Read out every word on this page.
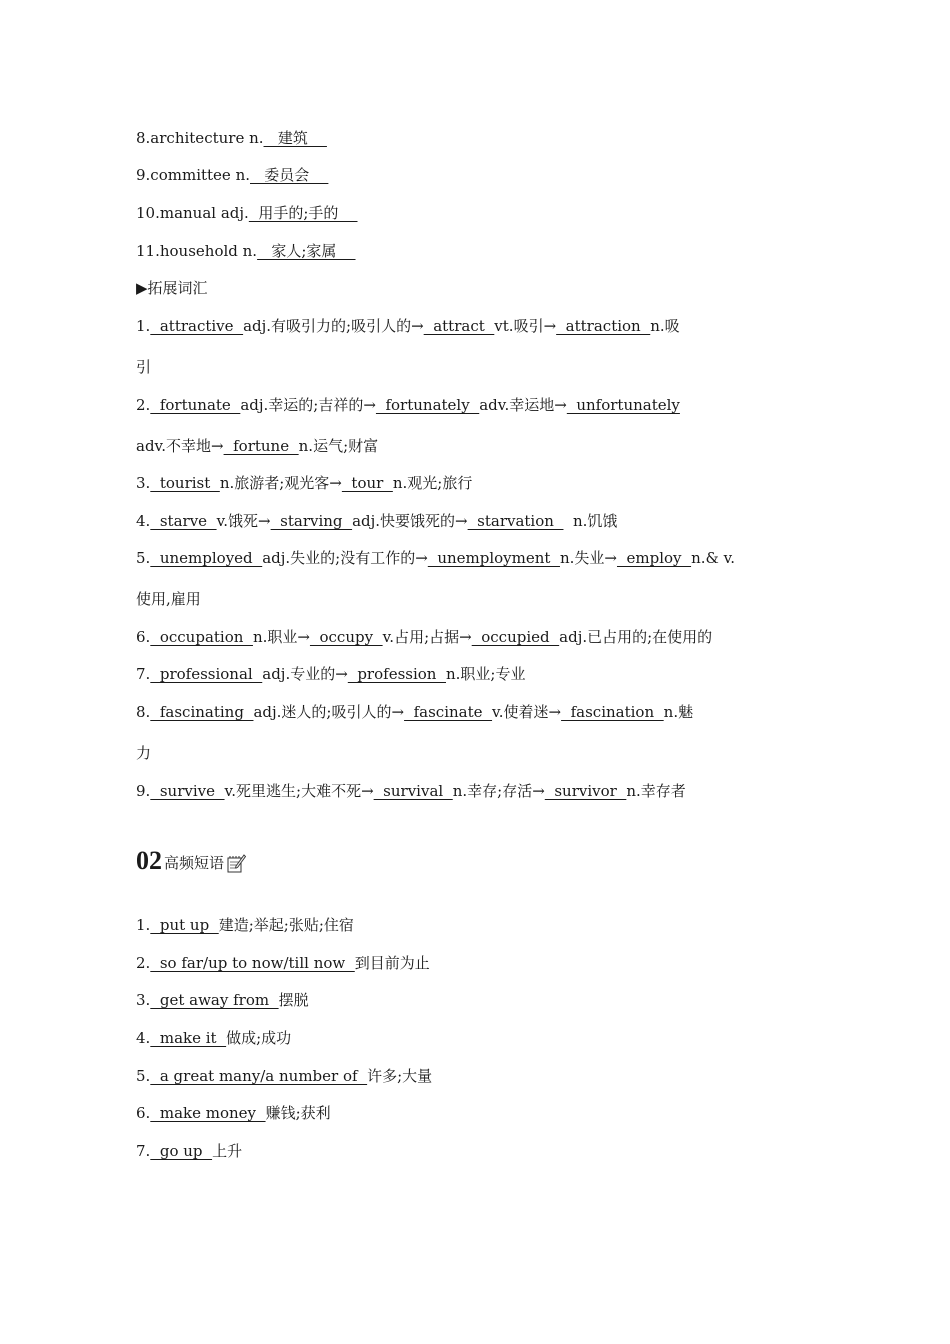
8.architecture n.   建筑
9.committee n.   委员会
10.manual adj.  用手的;手的
11.household n.   家人;家属
▶拓展词汇
1.  attractive  adj.有吸引力的;吸引人的→  attract  vt.吸引→  attraction  n.吸
引
2.  fortunate  adj.幸运的;吉祥的→  fortunately  adv.幸运地→  unfortunately
adv.不幸地→  fortune  n.运气;财富
3.  tourist  n.旅游者;观光客→  tour  n.观光;旅行
4.  starve  v.饿死→  starving  adj.快要饿死的→  starvation    n.饥饿
5.  unemployed  adj.失业的;没有工作的→  unemployment  n.失业→  employ  n.& v.
使用,雇用
6.  occupation  n.职业→  occupy  v.占用;占据→  occupied  adj.已占用的;在使用的
7.  professional  adj.专业的→  profession  n.职业;专业
8.  fascinating  adj.迷人的;吸引人的→  fascinate  v.使着迷→  fascination  n.魅
力
9.  survive  v.死里逃生;大难不死→  survival  n.幸存;存活→  survivor  n.幸存者
02 高频短语
1.  put up  建造;举起;张贴;住宿
2.  so far/up to now/till now  到目前为止
3.  get away from  摆脱
4.  make it  做成;成功
5.  a great many/a number of  许多;大量
6.  make money  赚钱;获利
7.  go up  上升
